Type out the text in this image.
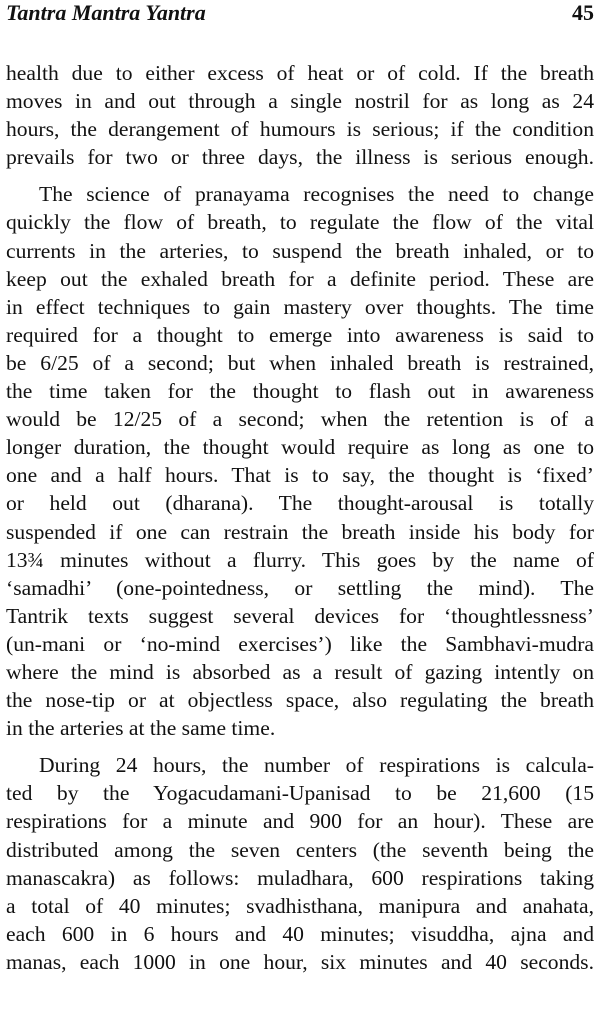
Tantra Mantra Yantra	45
health due to either excess of heat or of cold. If the breath
moves in and out through a single nostril for as long as 24
hours, the derangement of humours is serious; if the condition
prevails for two or three days, the illness is serious enough.
The science of pranayama recognises the need to change
quickly the flow of breath, to regulate the flow of the vital
currents in the arteries, to suspend the breath inhaled, or to
keep out the exhaled breath for a definite period. These are
in effect techniques to gain mastery over thoughts. The time
required for a thought to emerge into awareness is said to
be 6/25 of a second; but when inhaled breath is restrained,
the time taken for the thought to flash out in awareness
would be 12/25 of a second; when the retention is of a
longer duration, the thought would require as long as one to
one and a half hours. That is to say, the thought is ‘fixed’
or held out (dharana). The thought-arousal is totally
suspended if one can restrain the breath inside his body for
13¾ minutes without a flurry. This goes by the name of
‘samadhi’ (one-pointedness, or settling the mind). The
Tantrik texts suggest several devices for ‘thoughtlessness’
(un-mani or ‘no-mind exercises’) like the Sambhavi-mudra
where the mind is absorbed as a result of gazing intently on
the nose-tip or at objectless space, also regulating the breath
in the arteries at the same time.
During 24 hours, the number of respirations is calcula-
ted by the Yogacudamani-Upanisad to be 21,600 (15
respirations for a minute and 900 for an hour). These are
distributed among the seven centers (the seventh being the
manascakra) as follows: muladhara, 600 respirations taking
a total of 40 minutes; svadhisthana, manipura and anahata,
each 600 in 6 hours and 40 minutes; visuddha, ajna and
manas, each 1000 in one hour, six minutes and 40 seconds.
